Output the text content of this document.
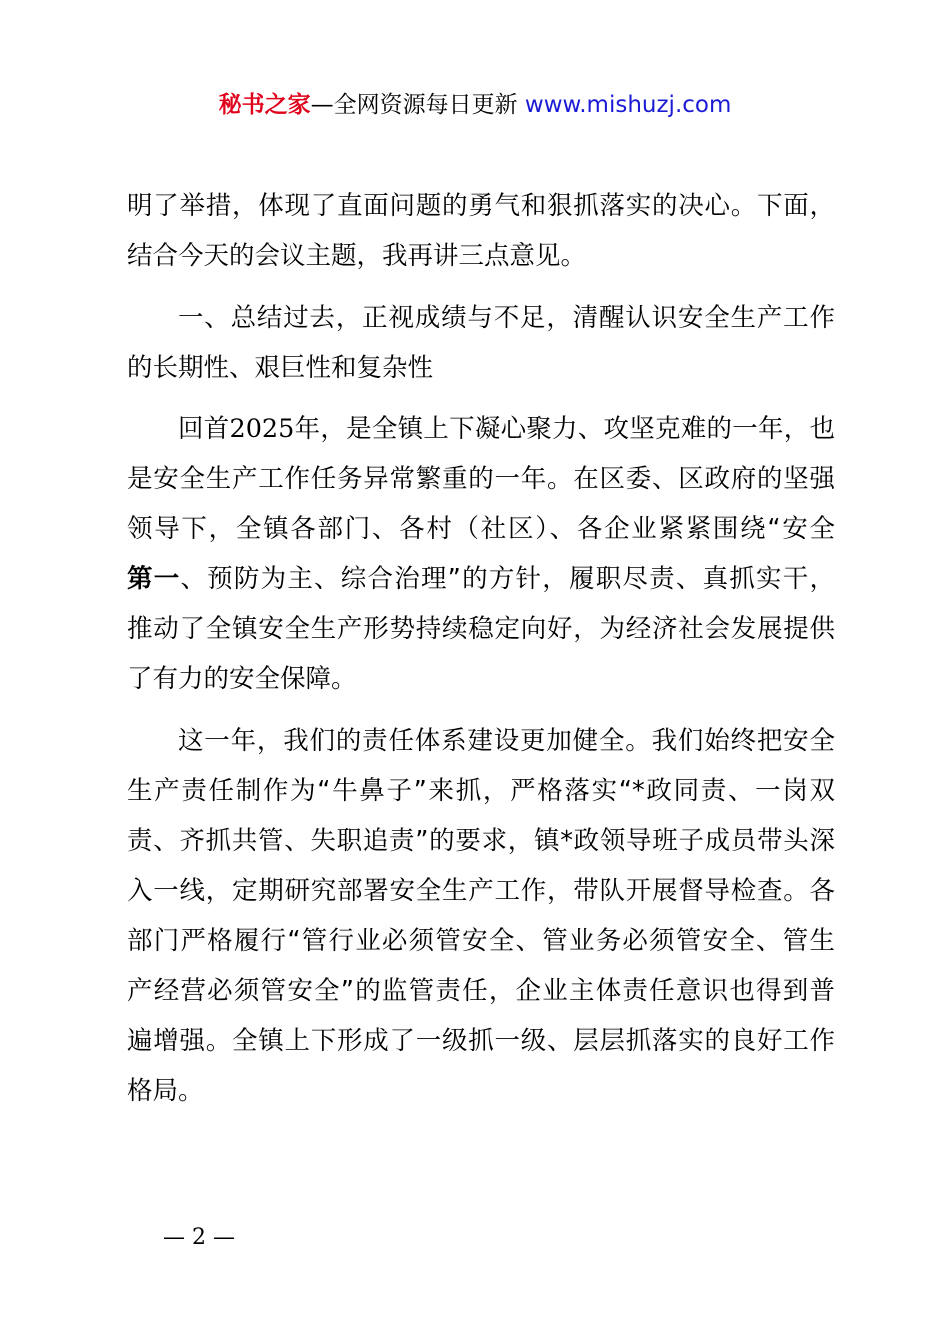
秘书之家—全网资源每日更新 www.mishuzj.com
明了举措，体现了直面问题的勇气和狠抓落实的决心。下面，
结合今天的会议主题，我再讲三点意见。
一、总结过去，正视成绩与不足，清醒认识安全生产工作
的长期性、艰巨性和复杂性
回首2025年，是全镇上下凝心聚力、攻坚克难的一年，也
是安全生产工作任务异常繁重的一年。在区委、区政府的坚强
领导下，全镇各部门、各村（社区）、各企业紧紧围绕“安全
第一、预防为主、综合治理”的方针，履职尽责、真抓实干，
推动了全镇安全生产形势持续稳定向好，为经济社会发展提供
了有力的安全保障。
这一年，我们的责任体系建设更加健全。我们始终把安全
生产责任制作为“牛鼻子”来抓，严格落实“*政同责、一岗双
责、齐抓共管、失职追责”的要求，镇*政领导班子成员带头深
入一线，定期研究部署安全生产工作，带队开展督导检查。各
部门严格履行“管行业必须管安全、管业务必须管安全、管生
产经营必须管安全”的监管责任，企业主体责任意识也得到普
遍增强。全镇上下形成了一级抓一级、层层抓落实的良好工作
格局。
— 2 —
